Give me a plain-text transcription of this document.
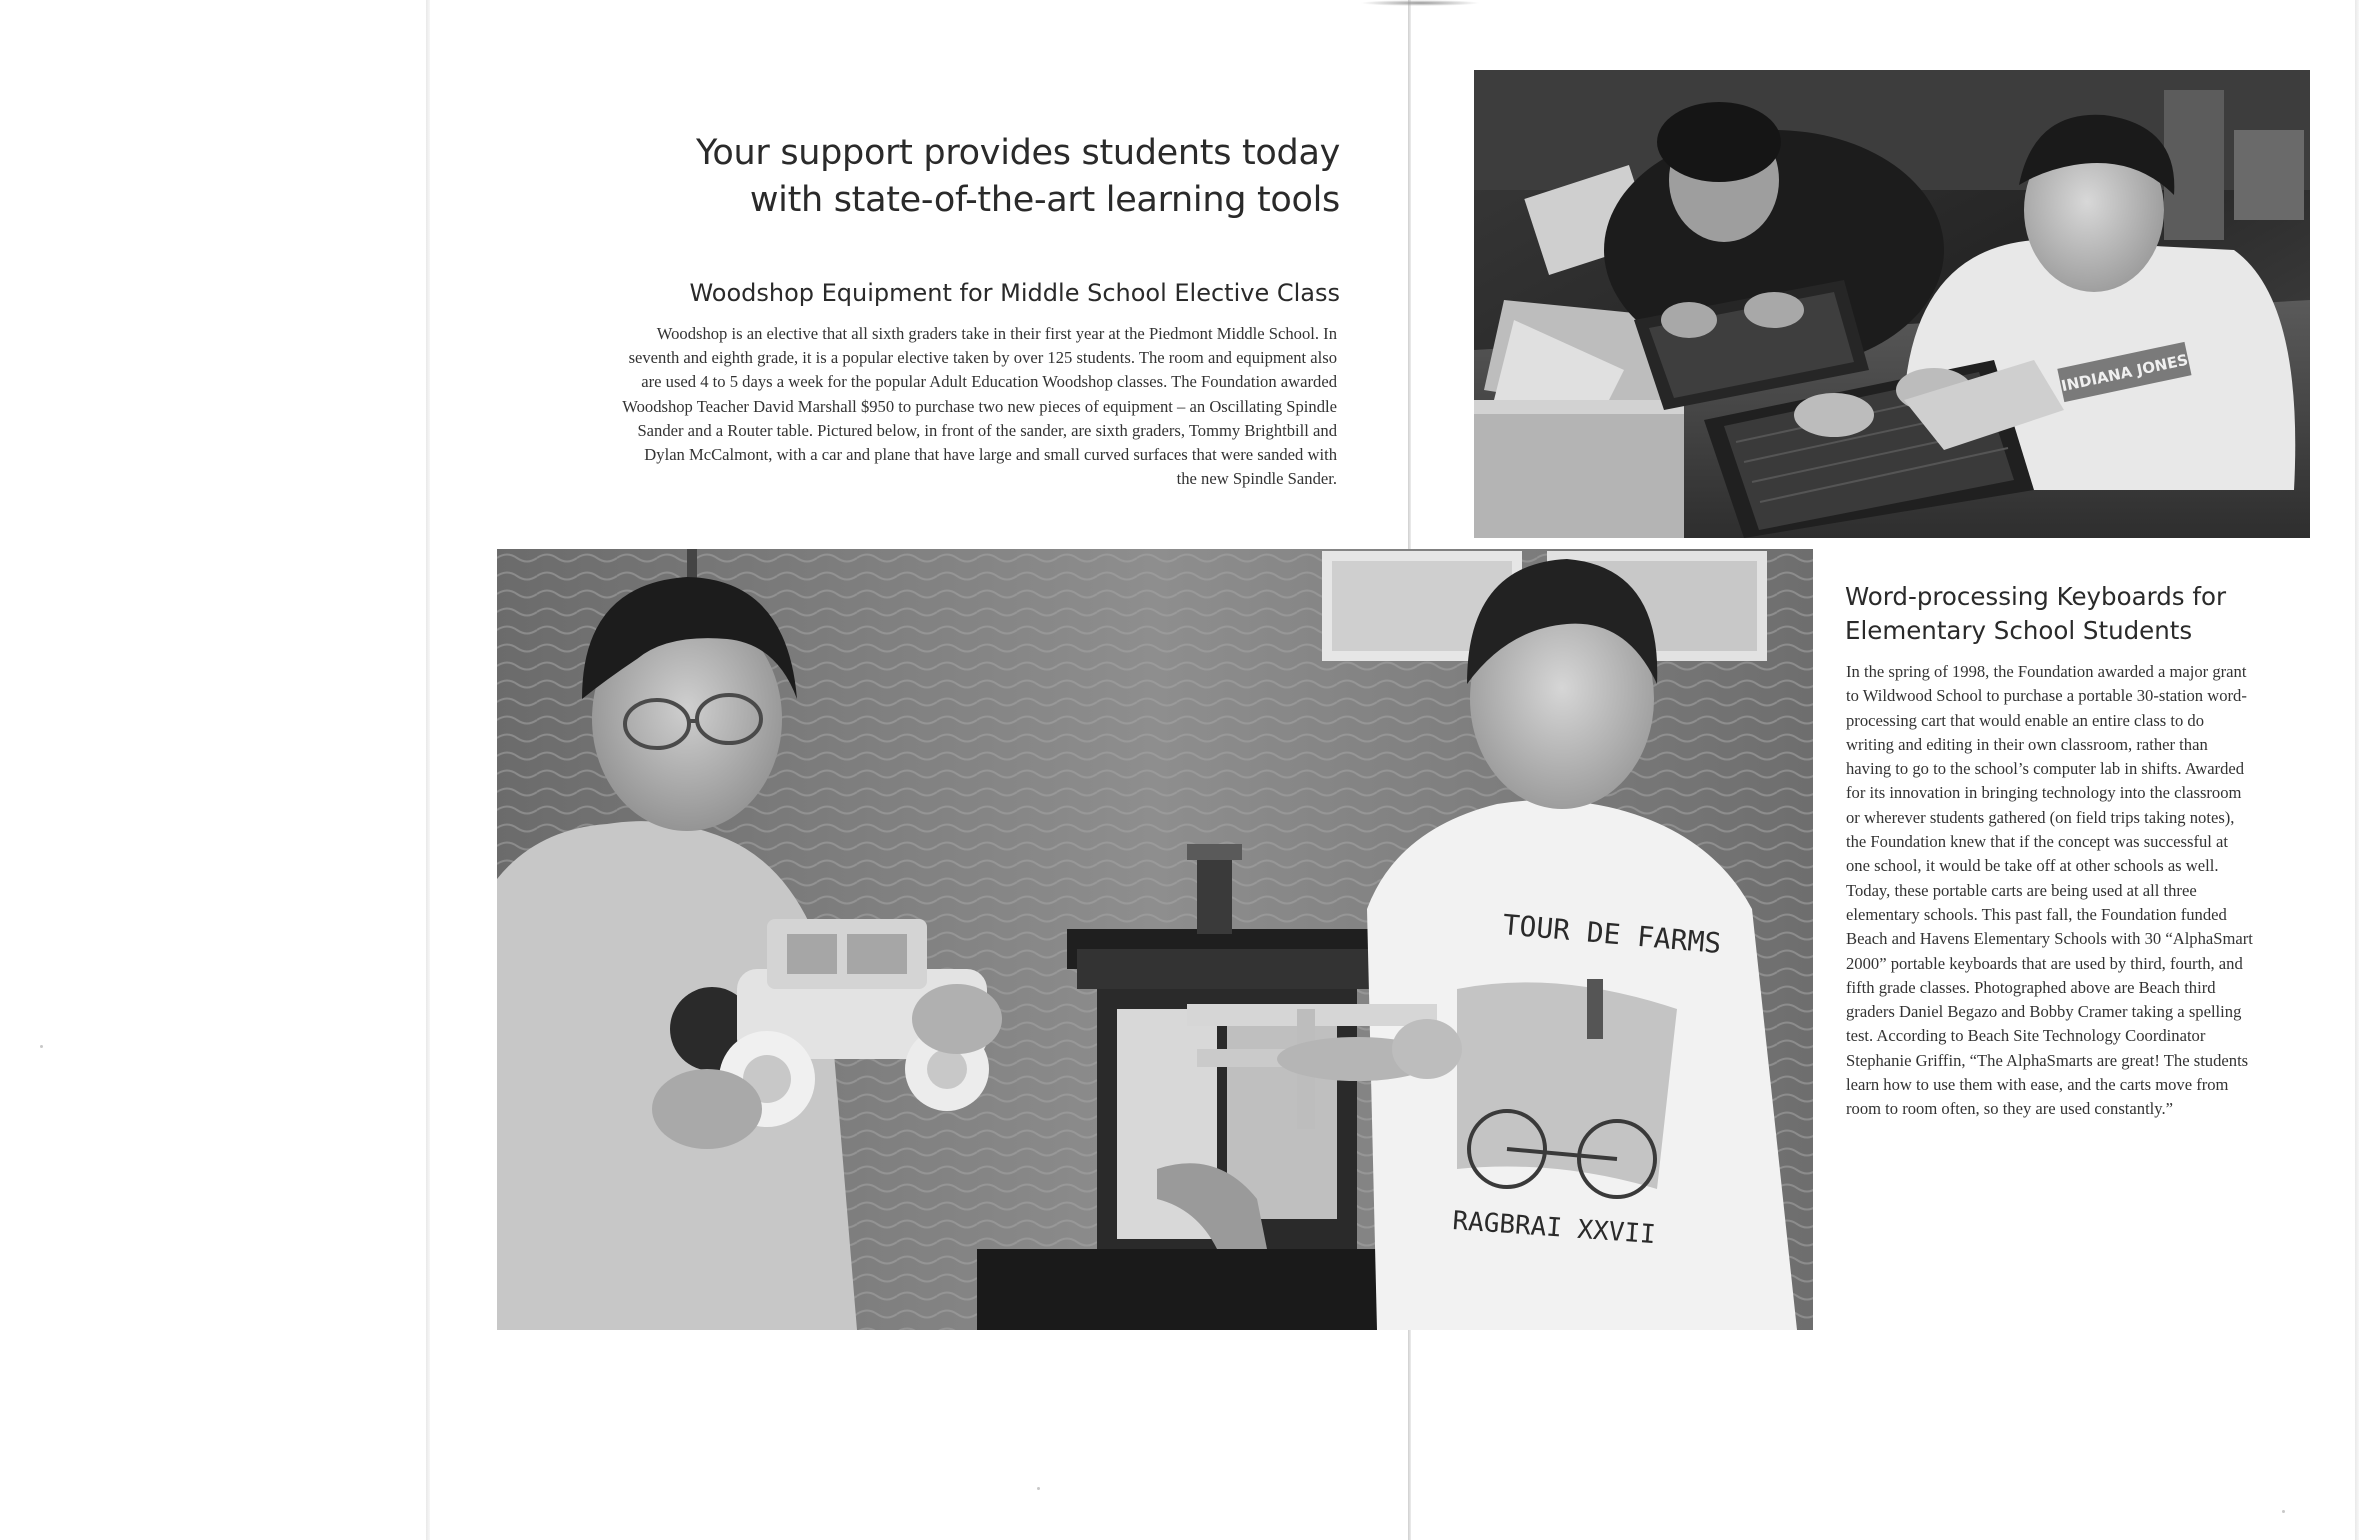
Your support provides students today
with state-of-the-art learning tools
Woodshop Equipment for Middle School Elective Class

Woodshop is an elective that all sixth graders take in their first year at the Piedmont Middle School. In seventh and eighth grade, it is a popular elective taken by over 125 students. The room and equipment also are used 4 to 5 days a week for the popular Adult Education Woodshop classes. The Foundation awarded Woodshop Teacher David Marshall $950 to purchase two new pieces of equipment – an Oscillating Spindle Sander and a Router table. Pictured below, in front of the sander, are sixth graders, Tommy Brightbill and Dylan McCalmont, with a car and plane that have large and small curved surfaces that were sanded with the new Spindle Sander.

INDIANA JONES
Word-processing Keyboards for Elementary School Students

In the spring of 1998, the Foundation awarded a major grant to Wildwood School to purchase a portable 30-station word-processing cart that would enable an entire class to do writing and editing in their own classroom, rather than having to go to the school’s computer lab in shifts. Awarded for its innovation in bringing technology into the classroom or wherever students gathered (on field trips taking notes), the Foundation knew that if the concept was successful at one school, it would be take off at other schools as well. Today, these portable carts are being used at all three elementary schools. This past fall, the Foundation funded Beach and Havens Elementary Schools with 30 “AlphaSmart 2000” portable keyboards that are used by third, fourth, and fifth grade classes. Photographed above are Beach third graders Daniel Begazo and Bobby Cramer taking a spelling test. According to Beach Site Technology Coordinator Stephanie Griffin, “The AlphaSmarts are great! The students learn how to use them with ease, and the carts move from room to room often, so they are used constantly.”

TOUR DE FARMS
RAGBRAI XXVII
